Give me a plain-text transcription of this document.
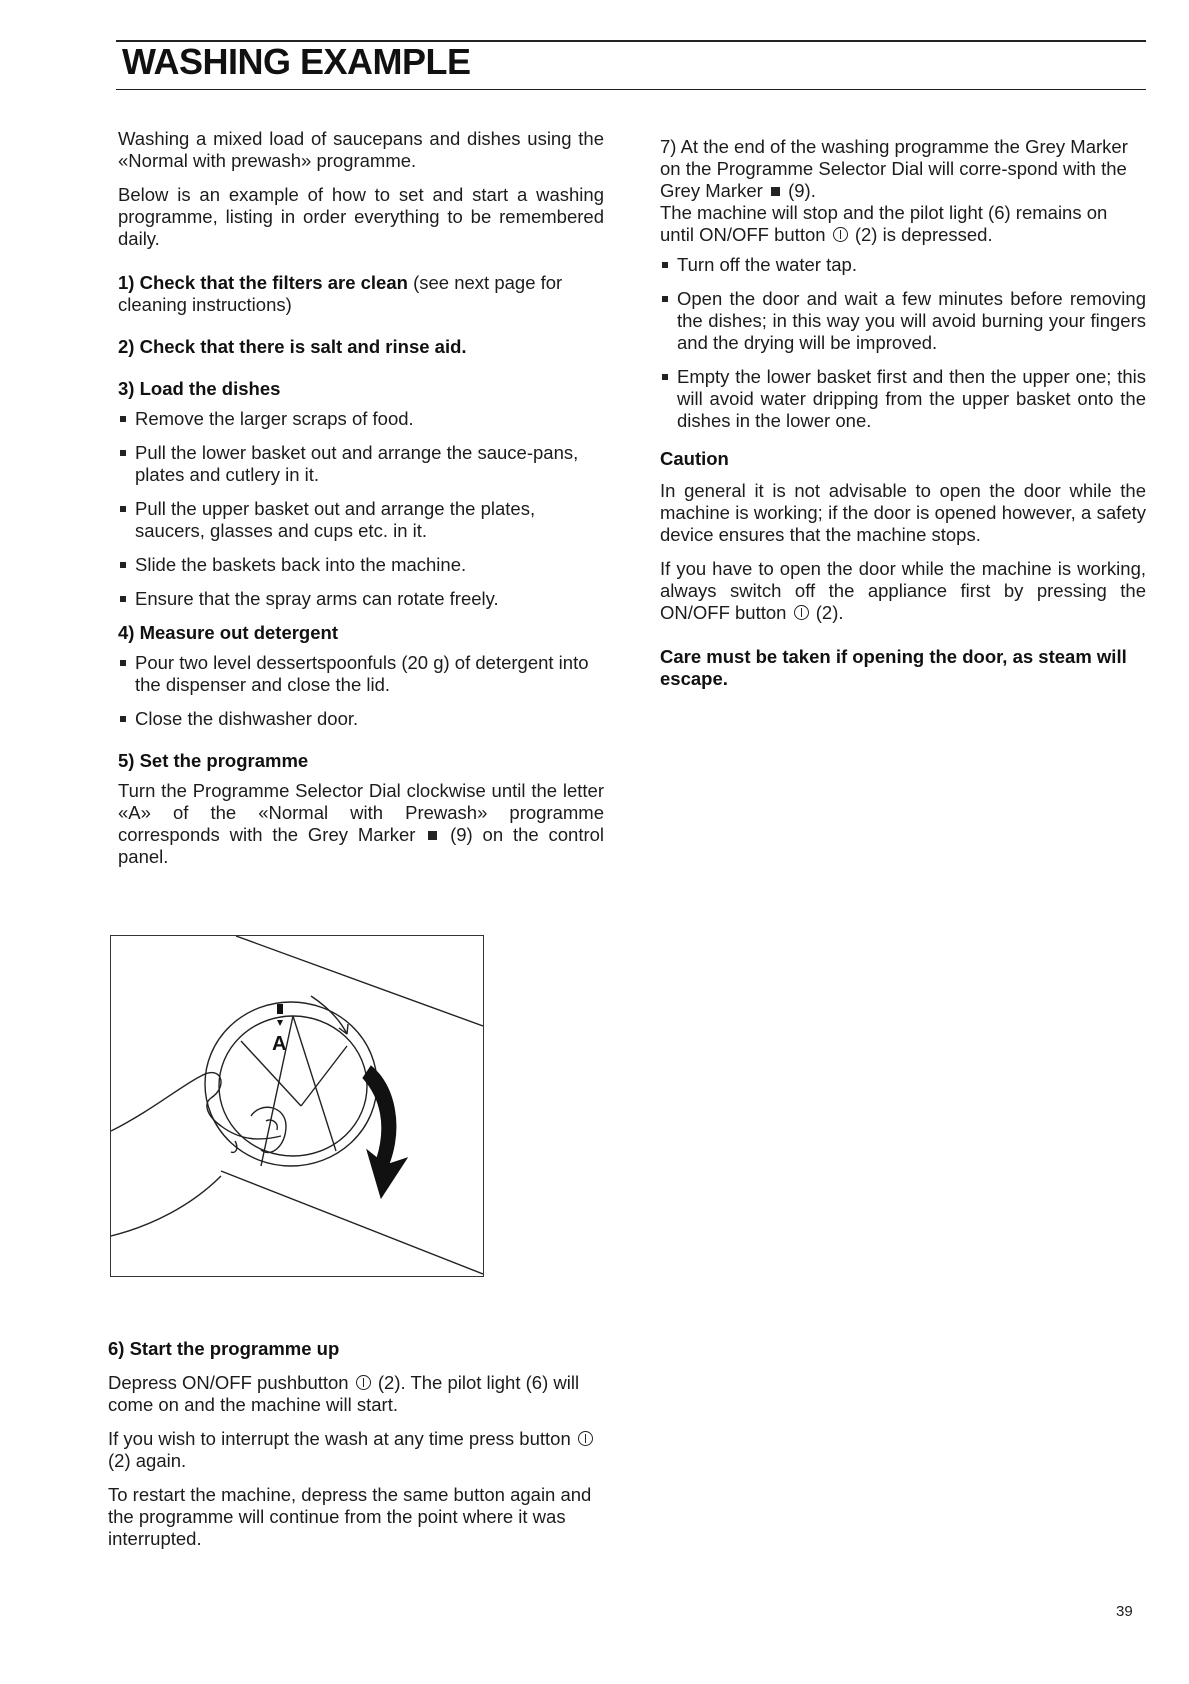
WASHING EXAMPLE

Washing a mixed load of saucepans and dishes using the «Normal with prewash» programme.

Below is an example of how to set and start a washing programme, listing in order everything to be remembered daily.

1) Check that the filters are clean (see next page for cleaning instructions)

2) Check that there is salt and rinse aid.
3) Load the dishes
Remove the larger scraps of food.
Pull the lower basket out and arrange the sauce-pans, plates and cutlery in it.
Pull the upper basket out and arrange the plates, saucers, glasses and cups etc. in it.
Slide the baskets back into the machine.
Ensure that the spray arms can rotate freely.
4) Measure out detergent
Pour two level dessertspoonfuls (20 g) of detergent into the dispenser and close the lid.
Close the dishwasher door.
5) Set the programme

Turn the Programme Selector Dial clockwise until the letter «A» of the «Normal with Prewash» programme corresponds with the Grey Marker (9) on the control panel.

A
6) Start the programme up

Depress ON/OFF pushbutton (2). The pilot light (6) will come on and the machine will start.

If you wish to interrupt the wash at any time press button  (2) again.

To restart the machine, depress the same button again and the programme will continue from the point where it was interrupted.

7) At the end of the washing programme the Grey Marker on the Programme Selector Dial will corre-spond with the Grey Marker (9).
The machine will stop and the pilot light (6) remains on until ON/OFF button (2) is depressed.

Turn off the water tap.
Open the door and wait a few minutes before removing the dishes; in this way you will avoid burning your fingers and the drying will be improved.
Empty the lower basket first and then the upper one; this will avoid water dripping from the upper basket onto the dishes in the lower one.
Caution

In general it is not advisable to open the door while the machine is working; if the door is opened however, a safety device ensures that the machine stops.

If you have to open the door while the machine is working, always switch off the appliance first by pressing the ON/OFF button (2).

Care must be taken if opening the door, as steam will escape.

39
